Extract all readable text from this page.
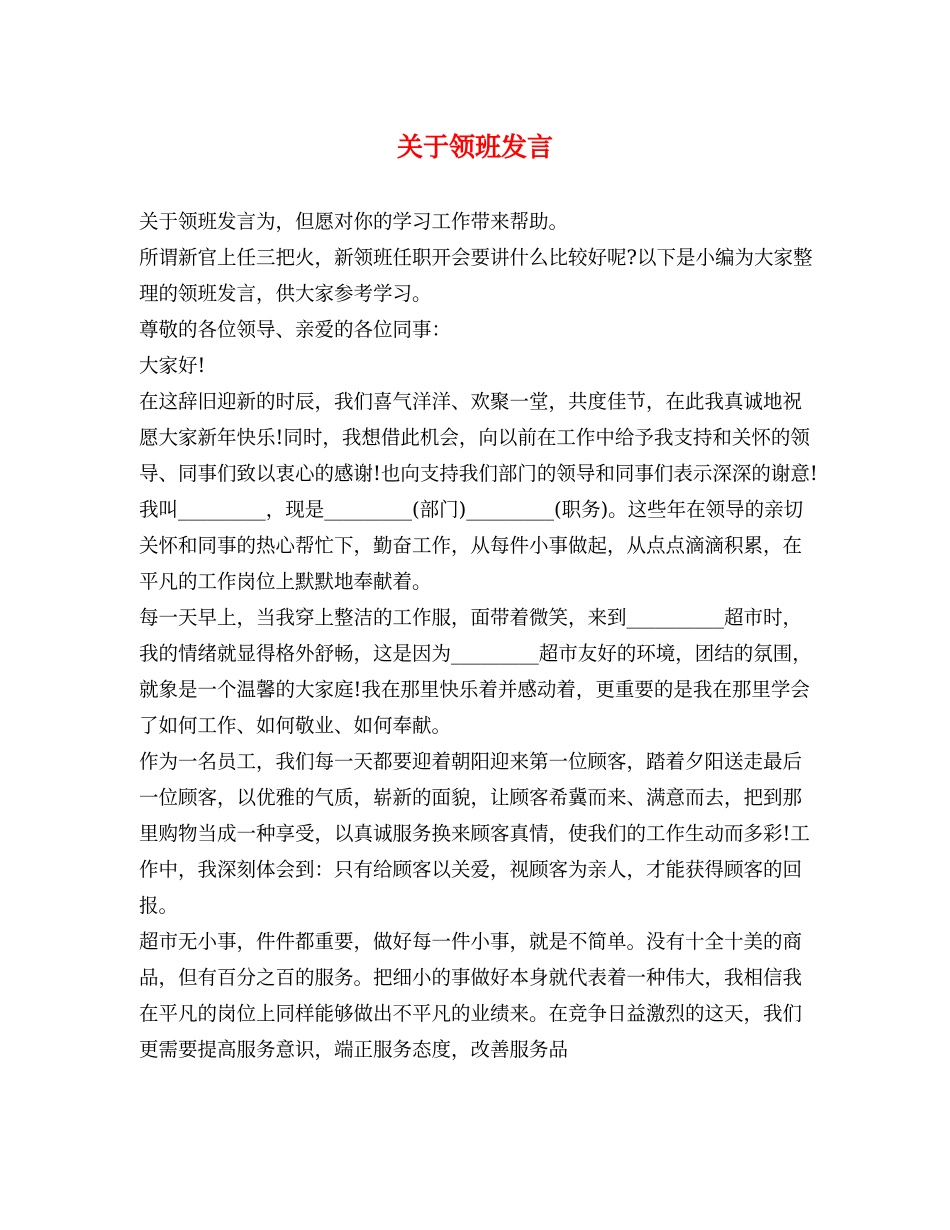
关于领班发言

关于领班发言为，但愿对你的学习工作带来帮助。

所谓新官上任三把火，新领班任职开会要讲什么比较好呢?以下是小编为大家整理的领班发言，供大家参考学习。

尊敬的各位领导、亲爱的各位同事：

大家好!

在这辞旧迎新的时辰，我们喜气洋洋、欢聚一堂，共度佳节，在此我真诚地祝愿大家新年快乐!同时，我想借此机会，向以前在工作中给予我支持和关怀的领导、同事们致以衷心的感谢!也向支持我们部门的领导和同事们表示深深的谢意!

我叫_________，现是_________(部门)_________(职务)。这些年在领导的亲切关怀和同事的热心帮忙下，勤奋工作，从每件小事做起，从点点滴滴积累，在平凡的工作岗位上默默地奉献着。

每一天早上，当我穿上整洁的工作服，面带着微笑，来到__________超市时，我的情绪就显得格外舒畅，这是因为_________超市友好的环境，团结的氛围，就象是一个温馨的大家庭!我在那里快乐着并感动着，更重要的是我在那里学会了如何工作、如何敬业、如何奉献。

作为一名员工，我们每一天都要迎着朝阳迎来第一位顾客，踏着夕阳送走最后一位顾客，以优雅的气质，崭新的面貌，让顾客希冀而来、满意而去，把到那里购物当成一种享受，以真诚服务换来顾客真情，使我们的工作生动而多彩!工作中，我深刻体会到：只有给顾客以关爱，视顾客为亲人，才能获得顾客的回报。

超市无小事，件件都重要，做好每一件小事，就是不简单。没有十全十美的商品，但有百分之百的服务。把细小的事做好本身就代表着一种伟大，我相信我在平凡的岗位上同样能够做出不平凡的业绩来。在竞争日益激烈的这天，我们更需要提高服务意识，端正服务态度，改善服务品
